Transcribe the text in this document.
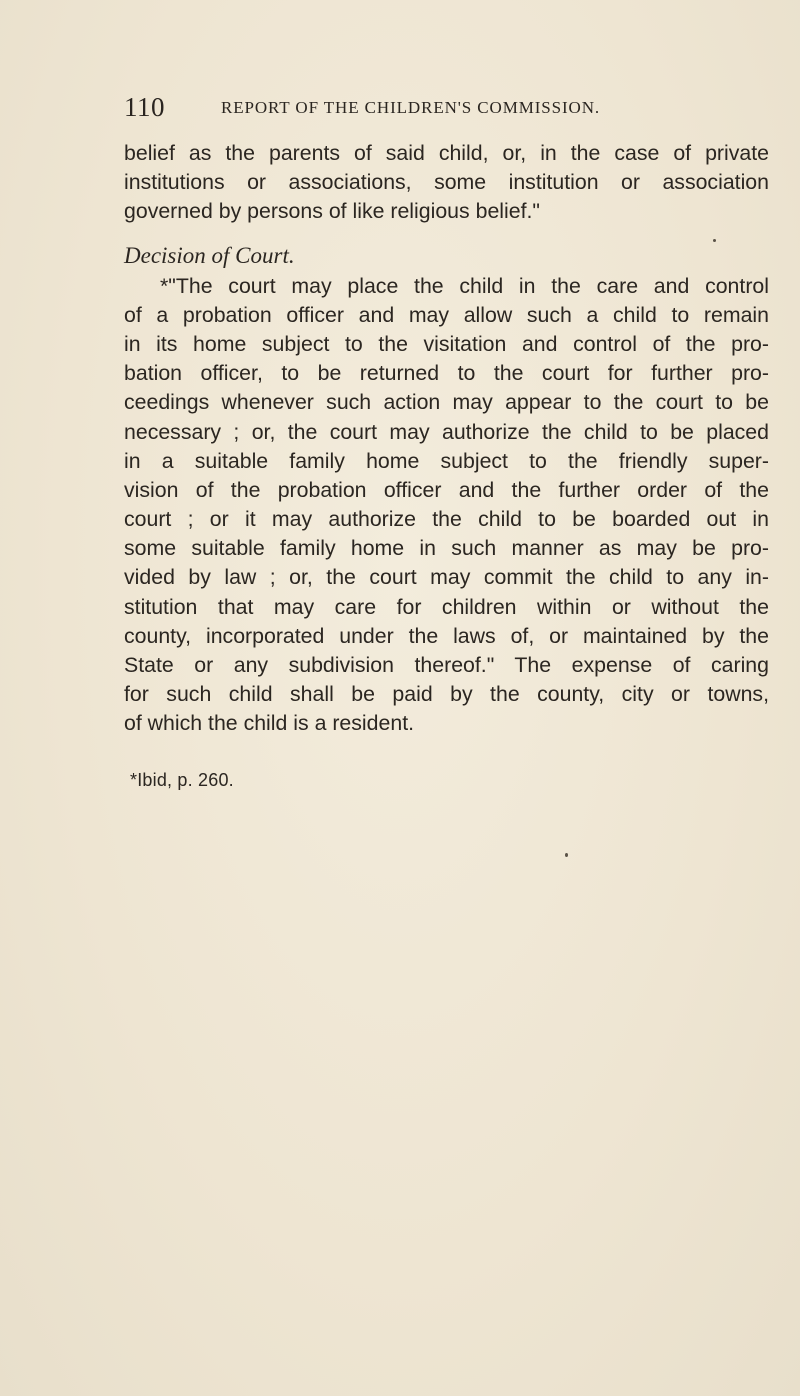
110	REPORT OF THE CHILDREN'S COMMISSION.
belief as the parents of said child, or, in the case of private
institutions or associations, some institution or association
governed by persons of like religious belief."
Decision of Court.
*"The court may place the child in the care and control
of a probation officer and may allow such a child to remain
in its home subject to the visitation and control of the pro-
bation officer, to be returned to the court for further pro-
ceedings whenever such action may appear to the court to be
necessary ; or, the court may authorize the child to be placed
in a suitable family home subject to the friendly super-
vision of the probation officer and the further order of the
court ; or it may authorize the child to be boarded out in
some suitable family home in such manner as may be pro-
vided by law ; or, the court may commit the child to any in-
stitution that may care for children within or without the
county, incorporated under the laws of, or maintained by the
State or any subdivision thereof." The expense of caring
for such child shall be paid by the county, city or towns,
of which the child is a resident.
*Ibid, p. 260.
